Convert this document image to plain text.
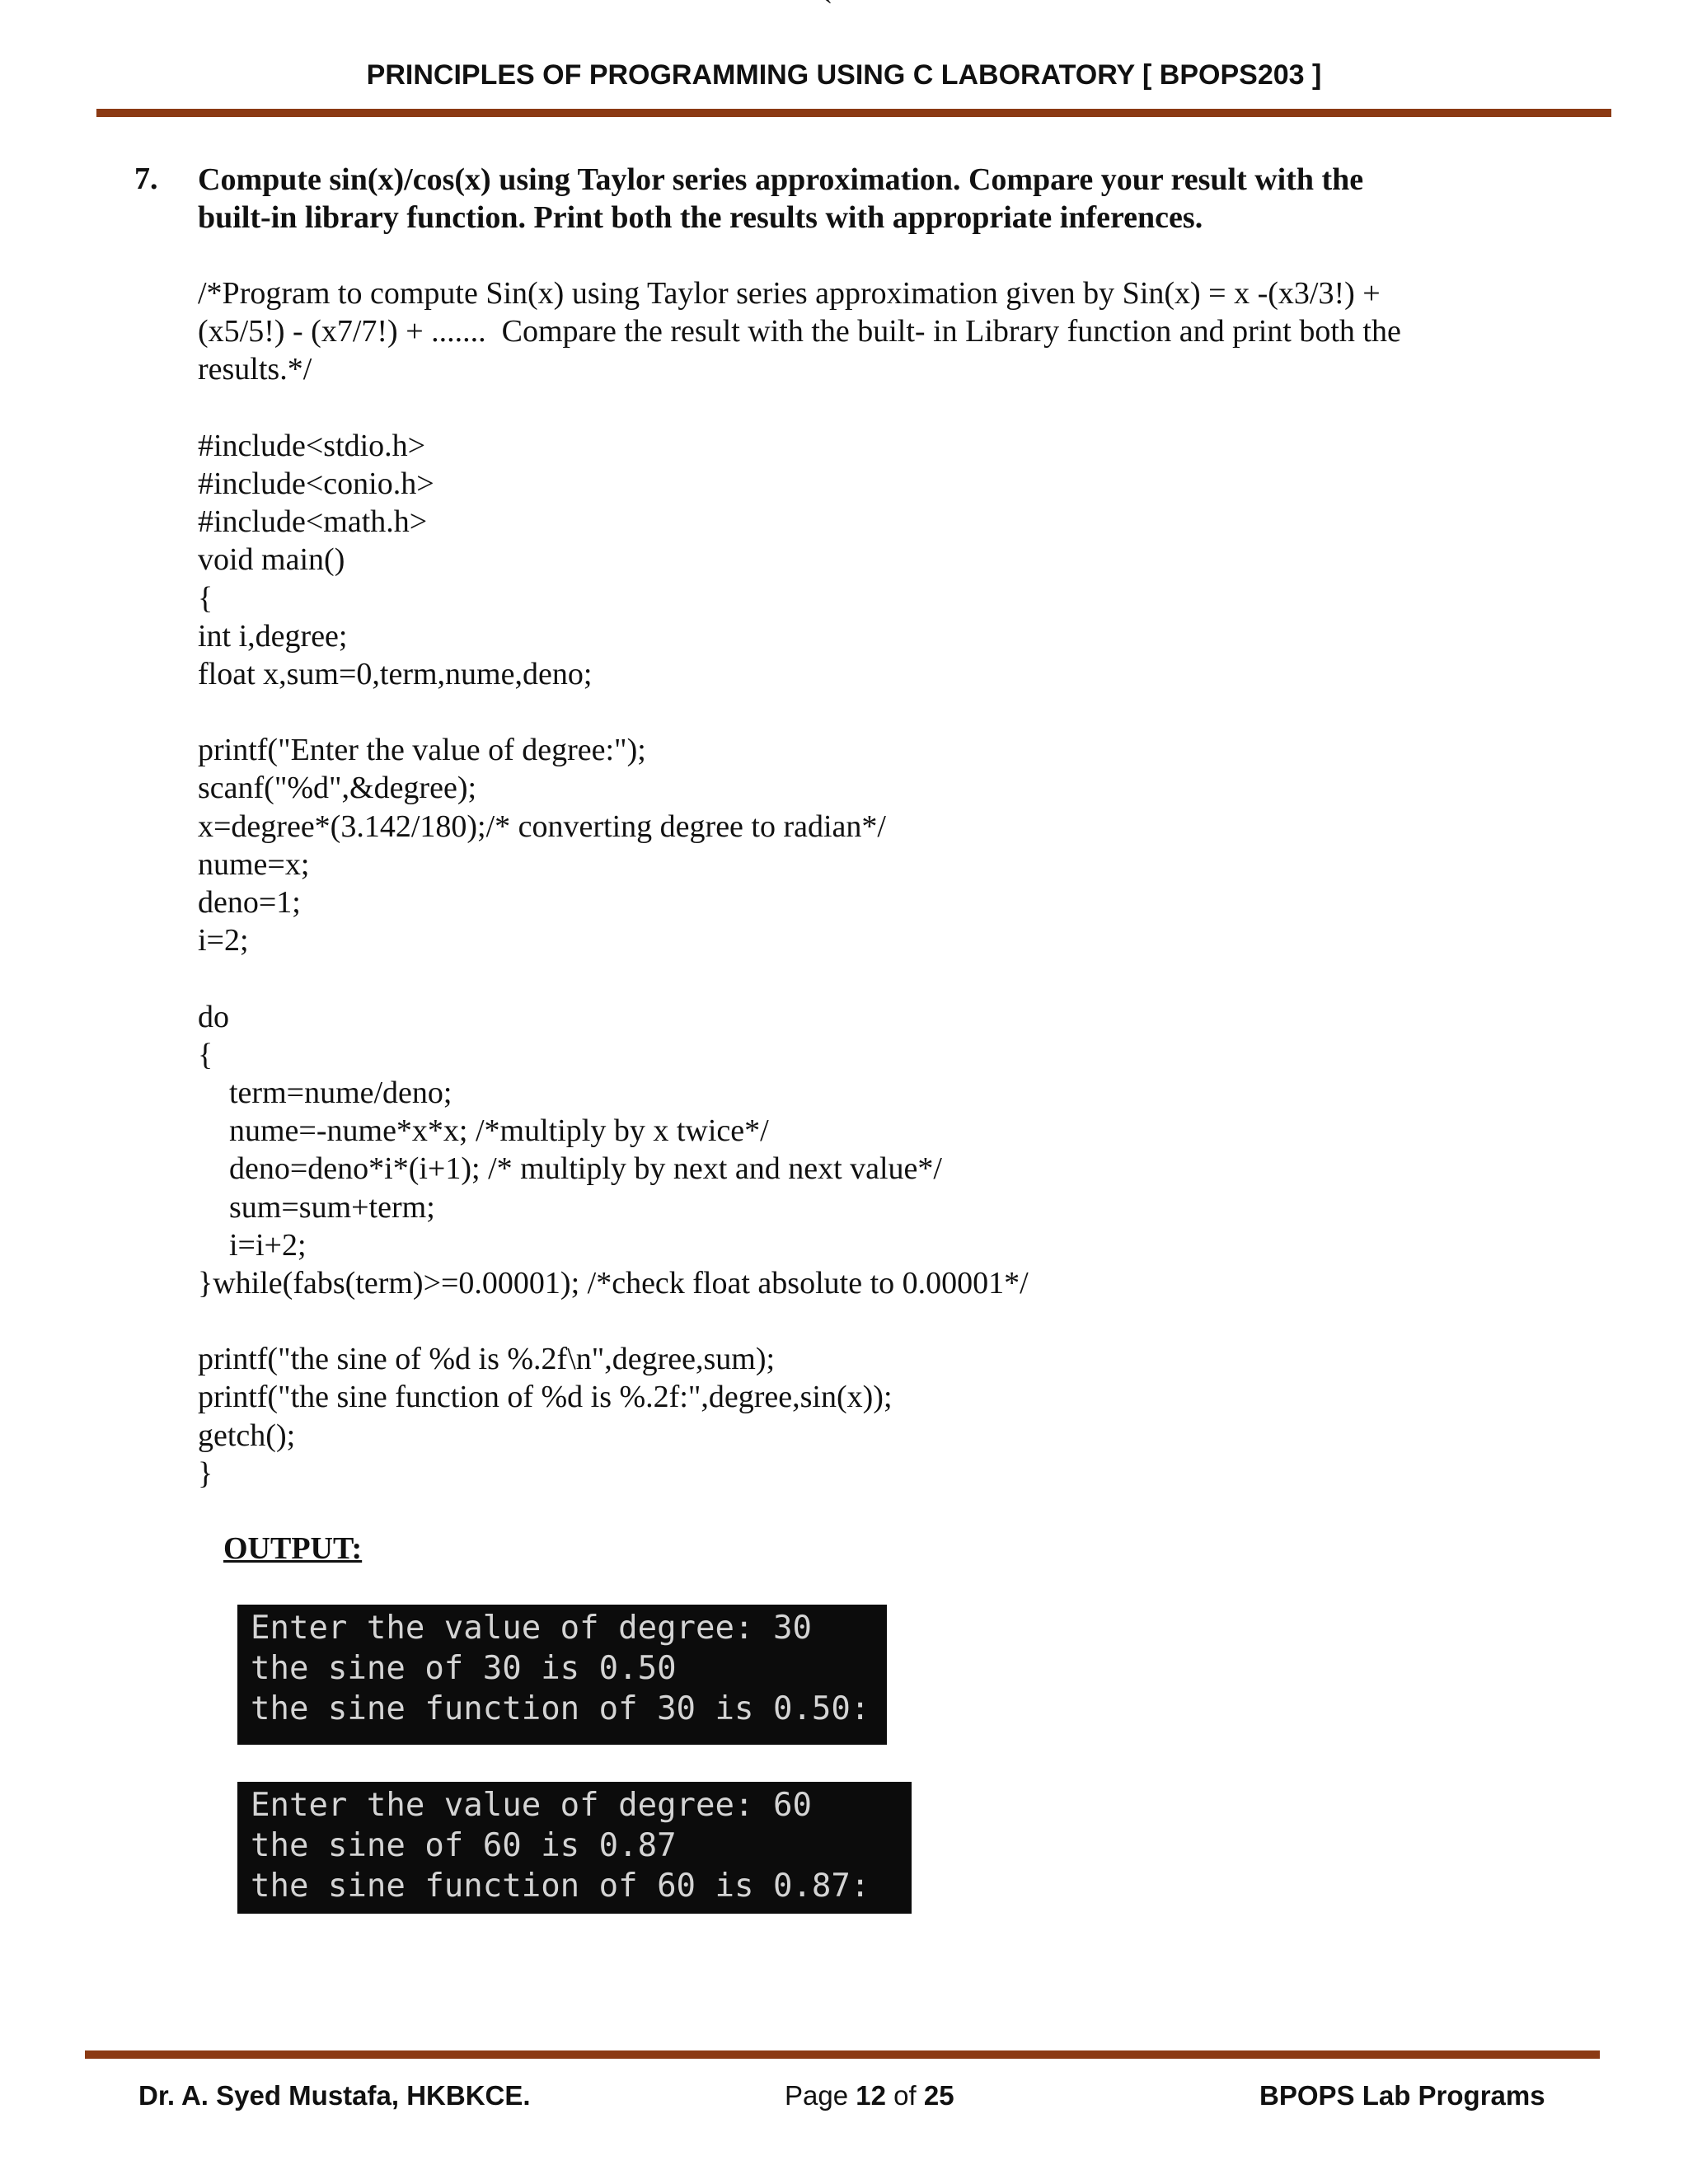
`
PRINCIPLES OF PROGRAMMING USING C LABORATORY [ BPOPS203 ]
7. Compute sin(x)/cos(x) using Taylor series approximation. Compare your result with the
built-in library function. Print both the results with appropriate inferences.
/*Program to compute Sin(x) using Taylor series approximation given by Sin(x) = x -(x3/3!) +
(x5/5!) - (x7/7!) + .......  Compare the result with the built- in Library function and print both the
results.*/
#include<stdio.h>
#include<conio.h>
#include<math.h>
void main()
{
int i,degree;
float x,sum=0,term,nume,deno;
printf("Enter the value of degree:");
scanf("%d",&degree);
x=degree*(3.142/180);/* converting degree to radian*/
nume=x;
deno=1;
i=2;
do
{
term=nume/deno;
nume=-nume*x*x; /*multiply by x twice*/
deno=deno*i*(i+1); /* multiply by next and next value*/
sum=sum+term;
i=i+2;
}while(fabs(term)>=0.00001); /*check float absolute to 0.00001*/
printf("the sine of %d is %.2f\n",degree,sum);
printf("the sine function of %d is %.2f:",degree,sin(x));
getch();
}
OUTPUT:
Enter the value of degree: 30
the sine of 30 is 0.50
the sine function of 30 is 0.50:
Enter the value of degree: 60
the sine of 60 is 0.87
the sine function of 60 is 0.87:
Dr. A. Syed Mustafa, HKBKCE.	Page 12 of 25	BPOPS Lab Programs
